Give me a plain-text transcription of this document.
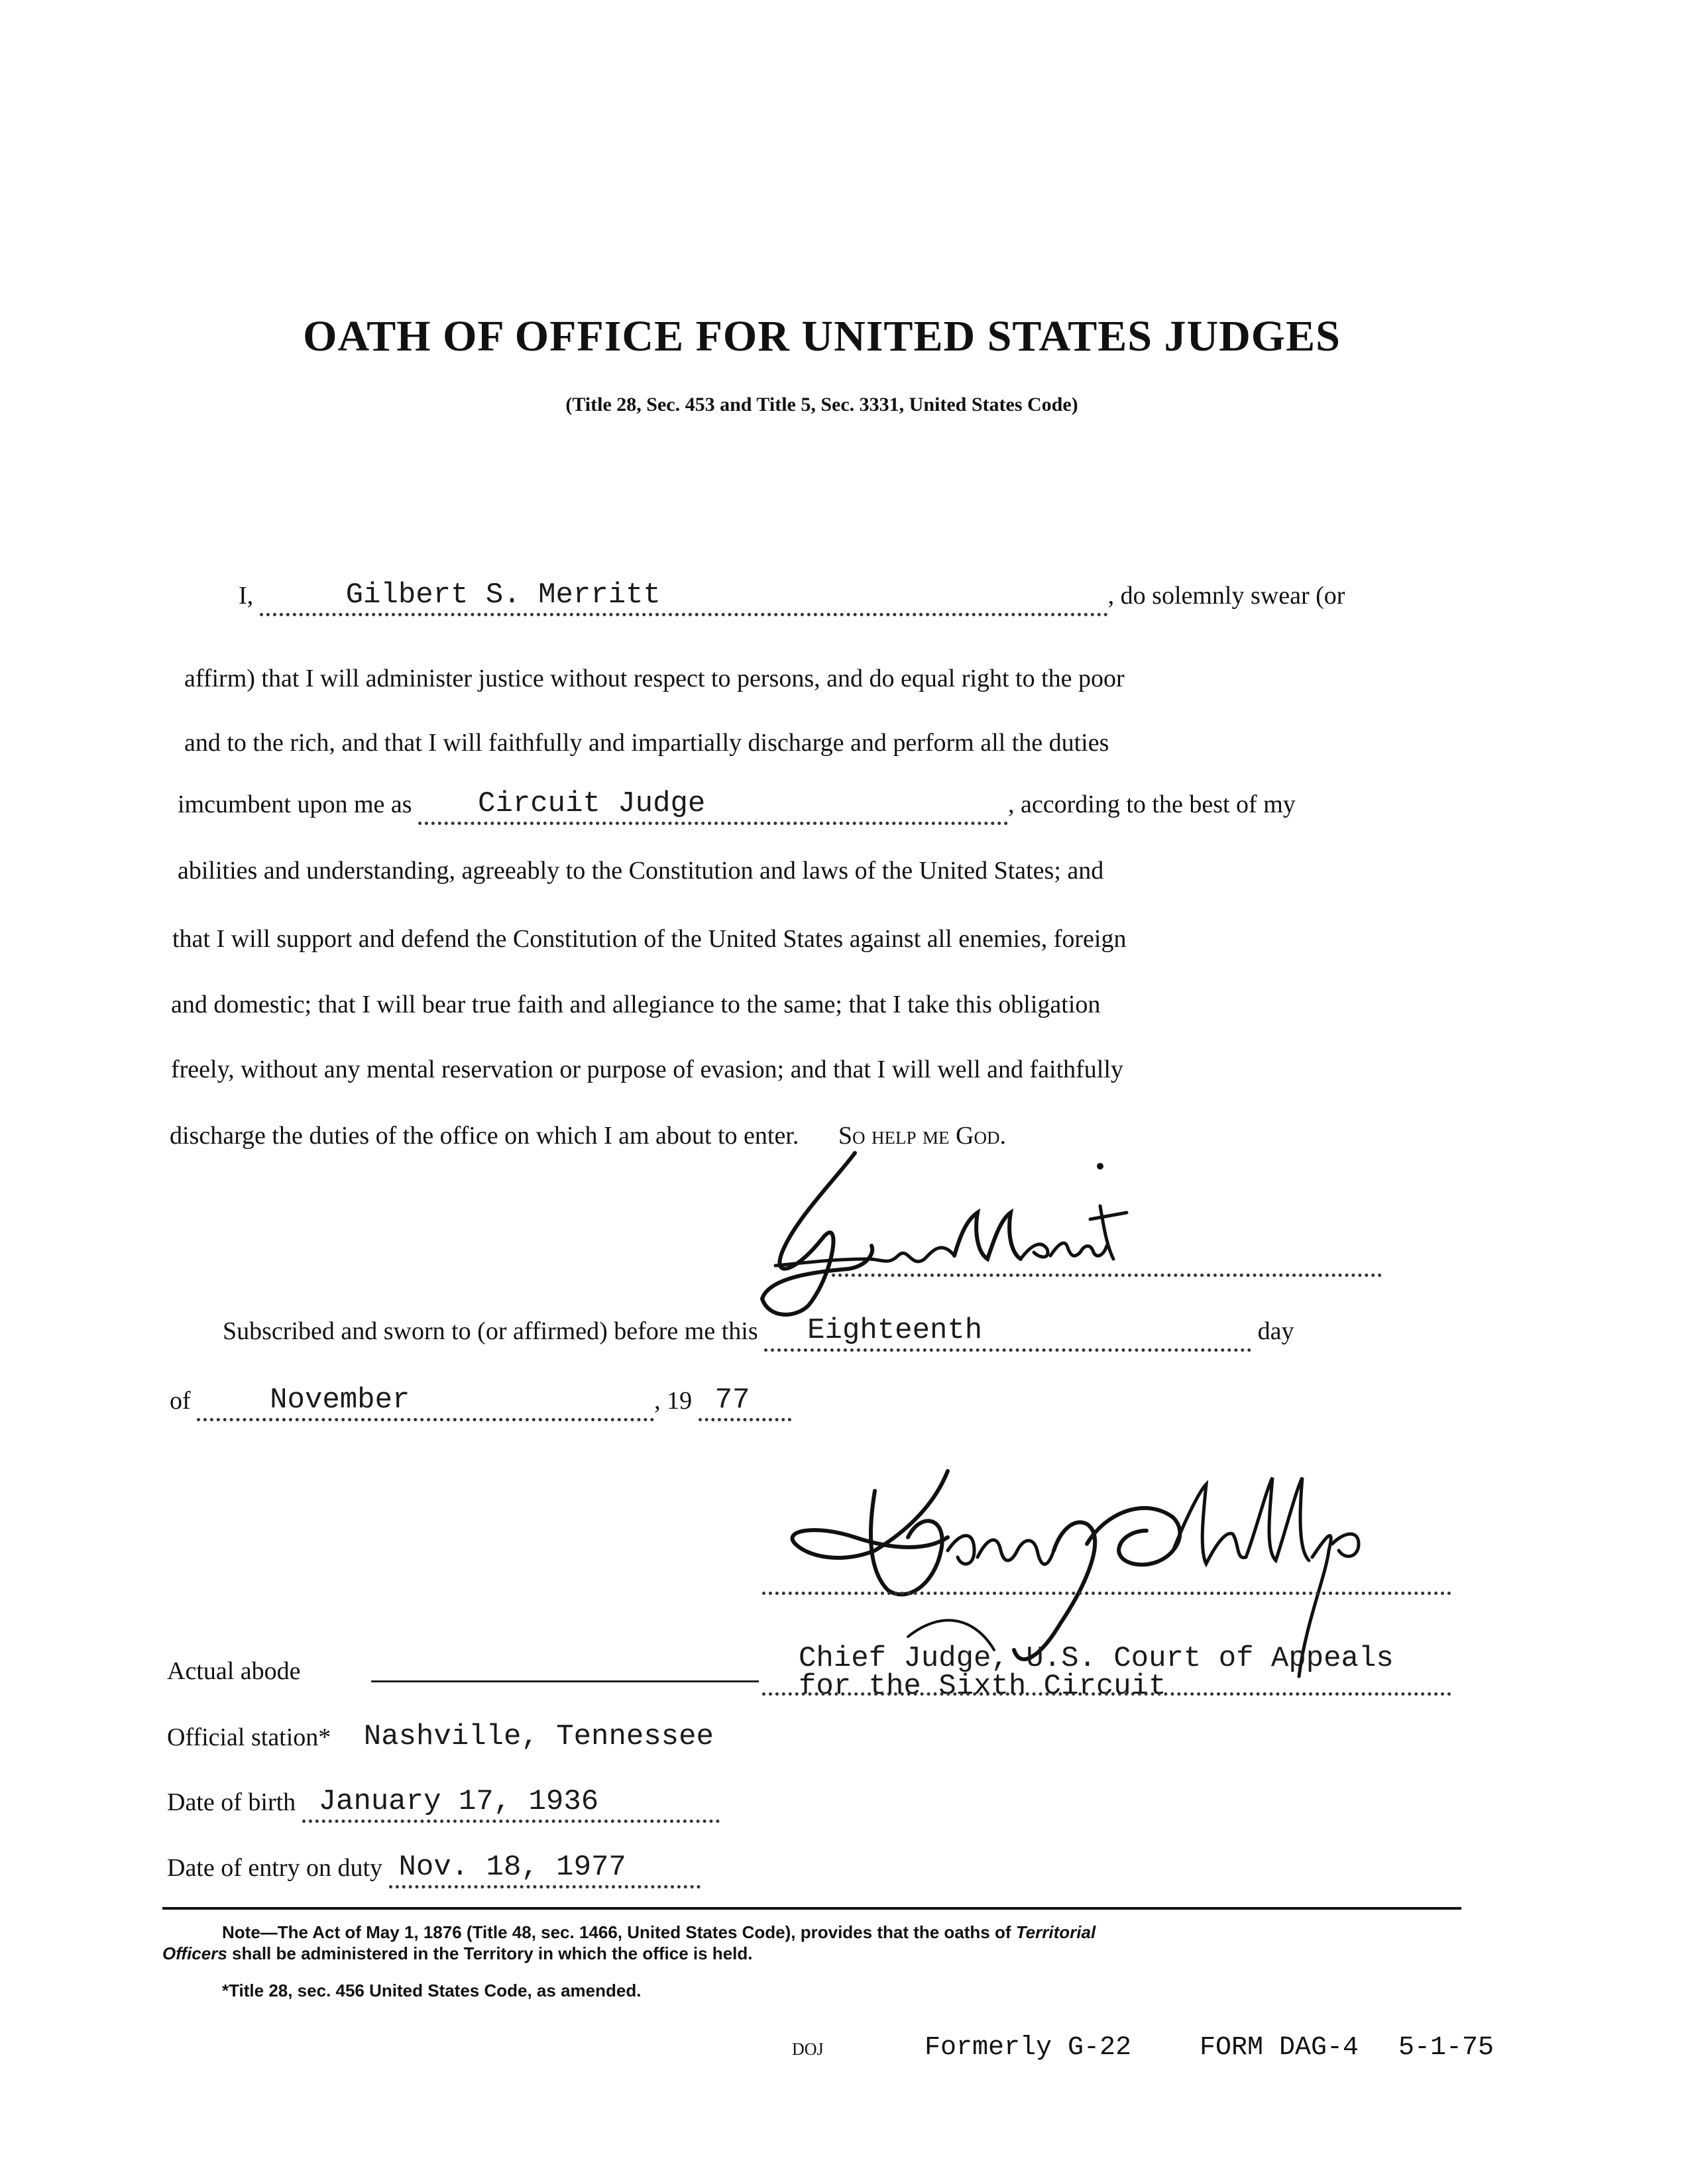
OATH OF OFFICE FOR UNITED STATES JUDGES
(Title 28, Sec. 453 and Title 5, Sec. 3331, United States Code)
I,	Gilbert S. Merritt	, do solemnly swear (or
affirm) that I will administer justice without respect to persons, and do equal right to the poor
and to the rich, and that I will faithfully and impartially discharge and perform all the duties
imcumbent upon me as Circuit Judge	, according to the best of my
abilities and understanding, agreeably to the Constitution and laws of the United States; and
that I will support and defend the Constitution of the United States against all enemies, foreign
and domestic; that I will bear true faith and allegiance to the same; that I take this obligation
freely, without any mental reservation or purpose of evasion; and that I will well and faithfully
discharge the duties of the office on which I am about to enter. So help me God.
Subscribed and sworn to (or affirmed) before me this Eighteenth	day
of	November	, 19 77
Chief Judge, U.S. Court of Appeals
for the Sixth Circuit
Actual abode
Official station* Nashville, Tennessee
Date of birth January 17, 1936
Date of entry on duty Nov. 18, 1977
Note—The Act of May 1, 1876 (Title 48, sec. 1466, United States Code), provides that the oaths of Territorial
Officers shall be administered in the Territory in which the office is held.
*Title 28, sec. 456 United States Code, as amended.
DOJ	Formerly G-22	FORM DAG-4 5-1-75
